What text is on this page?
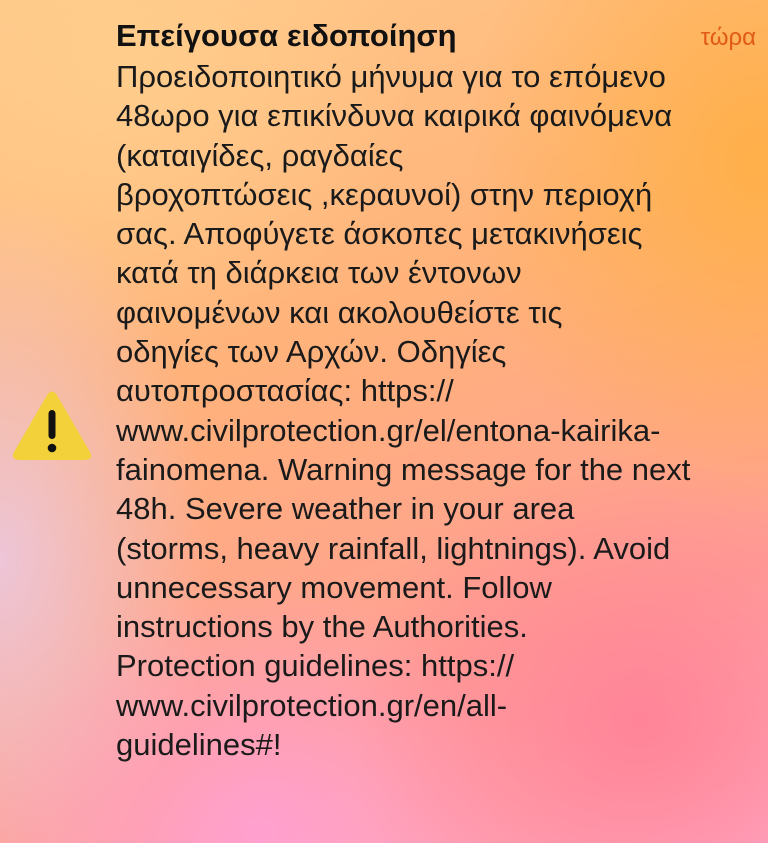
Επείγουσα ειδοποίηση	τώρα
Προειδοποιητικό μήνυμα για το επόμενο
48ωρο για επικίνδυνα καιρικά φαινόμενα
(καταιγίδες, ραγδαίες
βροχοπτώσεις ,κεραυνοί) στην περιοχή
σας. Αποφύγετε άσκοπες μετακινήσεις
κατά τη διάρκεια των έντονων
φαινομένων και ακολουθείστε τις
οδηγίες των Αρχών. Οδηγίες
αυτοπροστασίας: https://
www.civilprotection.gr/el/entona-kairika-
fainomena. Warning message for the next
48h. Severe weather in your area
(storms, heavy rainfall, lightnings). Avoid
unnecessary movement. Follow
instructions by the Authorities.
Protection guidelines: https://
www.civilprotection.gr/en/all-
guidelines#!
